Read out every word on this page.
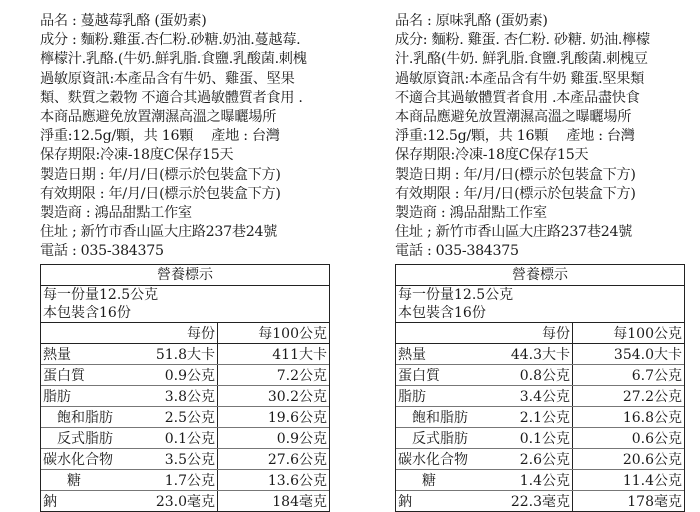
品名 : 蔓越莓乳酪 (蛋奶素)
成分 : 麵粉.雞蛋.杏仁粉.砂糖.奶油.蔓越莓.
檸檬汁.乳酪.(牛奶.鮮乳脂.食鹽.乳酸菌.刺槐
過敏原資訊:本產品含有牛奶、雞蛋、堅果
類、麩質之穀物 不適合其過敏體質者食用 .
本商品應避免放置潮濕高溫之曝曬場所
淨重:12.5g/顆，共 16顆　 產地 : 台灣
保存期限:冷凍-18度C保存15天
製造日期 : 年/月/日(標示於包裝盒下方)
有效期限 : 年/月/日(標示於包裝盒下方)
製造商 : 鴻品甜點工作室
住址 ; 新竹市香山區大庄路237巷24號
電話 : 035-384375
營養標示
每一份量12.5公克
本包裝含16份
	每份	每100公克
熱量	51.8大卡	411大卡
蛋白質	0.9公克	7.2公克
脂肪	3.8公克	30.2公克
飽和脂肪	2.5公克	19.6公克
反式脂肪	0.1公克	0.9公克
碳水化合物	3.5公克	27.6公克
糖	1.7公克	13.6公克
鈉	23.0毫克	184毫克
品名 : 原味乳酪 (蛋奶素)
成分: 麵粉. 雞蛋. 杏仁粉. 砂糖. 奶油.檸檬
汁.乳酪(牛奶. 鮮乳脂.食鹽.乳酸菌.刺槐豆
過敏原資訊:本產品含有牛奶 雞蛋.堅果類
不適合其過敏體質者食用 .本產品盡快食
本商品應避免放置潮濕高溫之曝曬場所
淨重:12.5g/顆，共 16顆　 產地 : 台灣
保存期限:冷凍-18度C保存15天
製造日期 : 年/月/日(標示於包裝盒下方)
有效期限 : 年/月/日(標示於包裝盒下方)
製造商 : 鴻品甜點工作室
住址 ; 新竹市香山區大庄路237巷24號
電話 : 035-384375
營養標示
每一份量12.5公克
本包裝含16份
	每份	每100公克
熱量	44.3大卡	354.0大卡
蛋白質	0.8公克	6.7公克
脂肪	3.4公克	27.2公克
飽和脂肪	2.1公克	16.8公克
反式脂肪	0.1公克	0.6公克
碳水化合物	2.6公克	20.6公克
糖	1.4公克	11.4公克
鈉	22.3毫克	178毫克
